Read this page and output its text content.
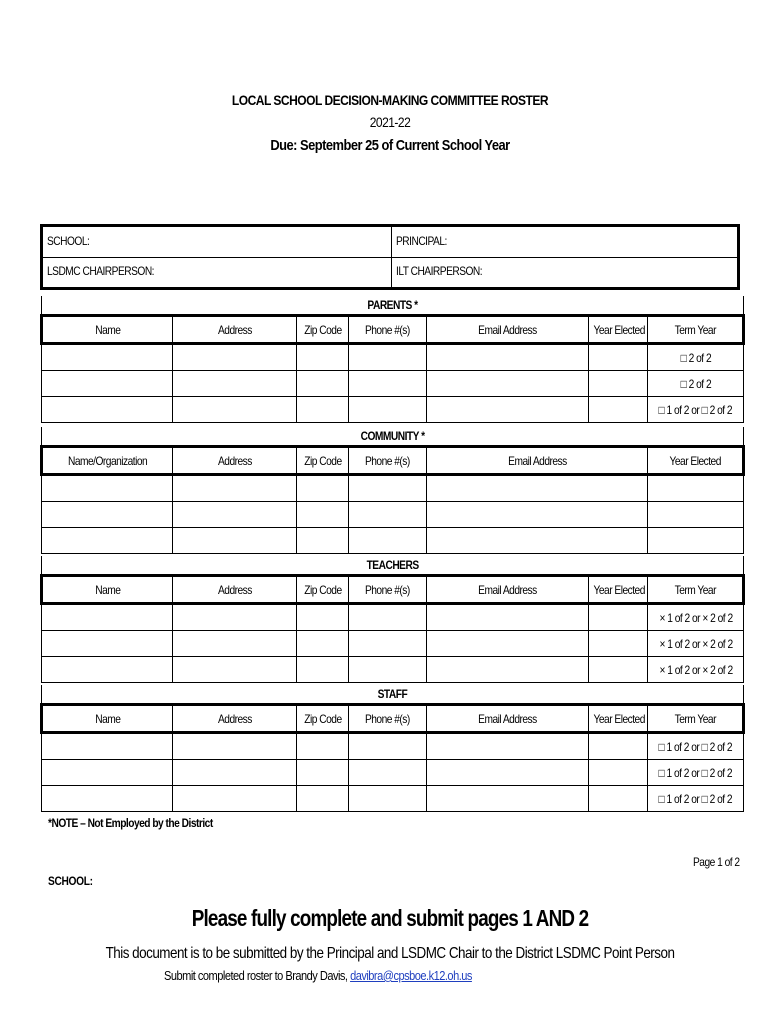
LOCAL SCHOOL DECISION-MAKING COMMITTEE ROSTER
2021-22
Due: September 25 of Current School Year
SCHOOL:	PRINCIPAL:
LSDMC CHAIRPERSON:	ILT CHAIRPERSON:
PARENTS *						
Name	Address	Zip Code	Phone #(s)	Email Address	Year Elected	Term Year
						□ 2 of 2
						□ 2 of 2
						□ 1 of 2 or □ 2 of 2
COMMUNITY *					
Name/Organization	Address	Zip Code	Phone #(s)	Email Address	Year Elected

TEACHERS						
Name	Address	Zip Code	Phone #(s)	Email Address	Year Elected	Term Year
						× 1 of 2 or × 2 of 2
						× 1 of 2 or × 2 of 2
						× 1 of 2 or × 2 of 2
STAFF						
Name	Address	Zip Code	Phone #(s)	Email Address	Year Elected	Term Year
						□ 1 of 2 or □ 2 of 2
						□ 1 of 2 or □ 2 of 2
						□ 1 of 2 or □ 2 of 2
*NOTE – Not Employed by the District
Page 1 of 2
SCHOOL:
Please fully complete and submit pages 1 AND 2
This document is to be submitted by the Principal and LSDMC Chair to the District LSDMC Point Person
Submit completed roster to Brandy Davis, davibra@cpsboe.k12.oh.us
